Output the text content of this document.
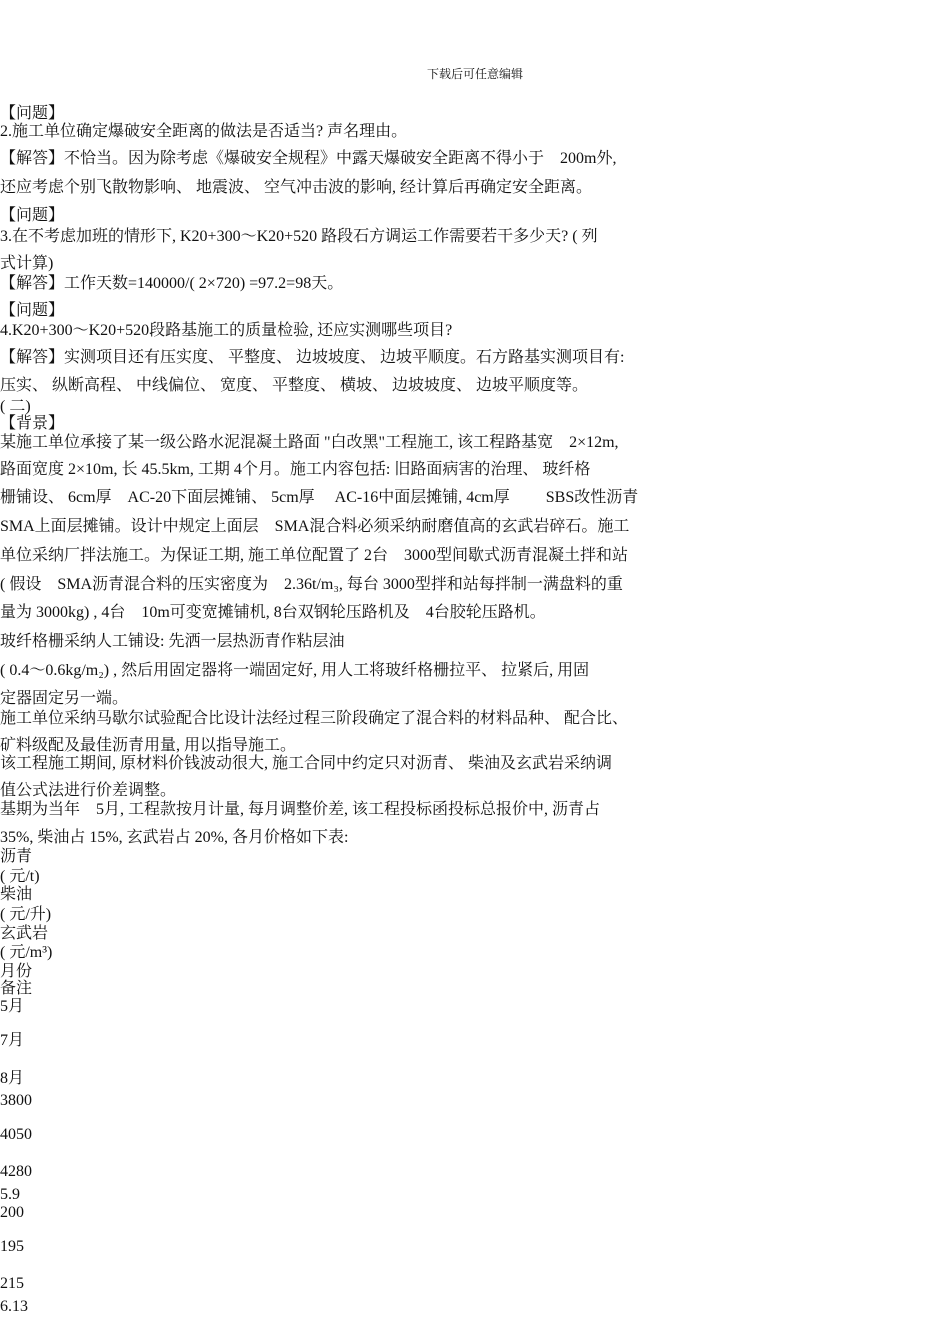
下载后可任意编辑
【问题】
2.施工单位确定爆破安全距离的做法是否适当? 声名理由。
【解答】不恰当。因为除考虑《爆破安全规程》中露天爆破安全距离不得小于　200m外,
还应考虑个别飞散物影响、 地震波、 空气冲击波的影响, 经计算后再确定安全距离。
【问题】
3.在不考虑加班的情形下, K20+300～K20+520 路段石方调运工作需要若干多少天? ( 列
式计算)
【解答】工作天数=140000/( 2×720) =97.2=98天。
【问题】
4.K20+300～K20+520段路基施工的质量检验, 还应实测哪些项目?
【解答】实测项目还有压实度、 平整度、 边坡坡度、 边坡平顺度。石方路基实测项目有:
压实、 纵断高程、 中线偏位、 宽度、 平整度、 横坡、 边坡坡度、 边坡平顺度等。
( 二)
【背景】
某施工单位承接了某一级公路水泥混凝土路面 "白改黑"工程施工, 该工程路基宽　2×12m,
路面宽度 2×10m, 长 45.5km, 工期 4个月。施工内容包括: 旧路面病害的治理、 玻纤格
栅铺设、 6cm厚　AC-20下面层摊铺、 5cm厚　 AC-16中面层摊铺, 4cm厚　　 SBS改性沥青
SMA上面层摊铺。设计中规定上面层　SMA混合料必须采纳耐磨值高的玄武岩碎石。施工
单位采纳厂拌法施工。为保证工期, 施工单位配置了 2台　3000型间歇式沥青混凝土拌和站
( 假设　SMA沥青混合料的压实密度为　2.36t/m₃, 每台 3000型拌和站每拌制一满盘料的重
量为 3000kg) , 4台　10m可变宽摊铺机, 8台双钢轮压路机及　4台胶轮压路机。
玻纤格栅采纳人工铺设: 先洒一层热沥青作粘层油
( 0.4～0.6kg/m₂) , 然后用固定器将一端固定好, 用人工将玻纤格栅拉平、 拉紧后, 用固
定器固定另一端。
施工单位采纳马歇尔试验配合比设计法经过程三阶段确定了混合料的材料品种、 配合比、
矿料级配及最佳沥青用量, 用以指导施工。
该工程施工期间, 原材料价钱波动很大, 施工合同中约定只对沥青、 柴油及玄武岩采纳调
值公式法进行价差调整。
基期为当年　5月, 工程款按月计量, 每月调整价差, 该工程投标函投标总报价中, 沥青占
35%, 柴油占 15%, 玄武岩占 20%, 各月价格如下表:
沥青
( 元/t)
柴油
( 元/升)
玄武岩
( 元/m³)
月份
备注
5月
7月
8月
3800
4050
4280
5.9
200
195
215
6.13
